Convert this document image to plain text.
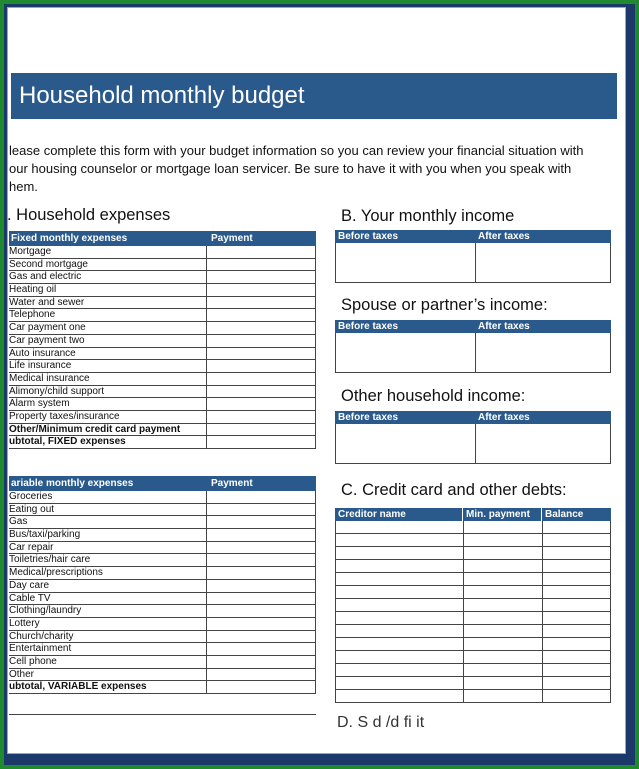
Household monthly budget
lease complete this form with your budget information so you can review your financial situation with
our housing counselor or mortgage loan servicer. Be sure to have it with you when you speak with
hem.
. Household expenses
Fixed monthly expenses	Payment
Mortgage
Second mortgage
Gas and electric
Heating oil
Water and sewer
Telephone
Car payment one
Car payment two
Auto insurance
Life insurance
Medical insurance
Alimony/child support
Alarm system
Property taxes/insurance
Other/Minimum credit card payment
ubtotal, FIXED expenses
ariable monthly expenses	Payment
Groceries
Eating out
Gas
Bus/taxi/parking
Car repair
Toiletries/hair care
Medical/prescriptions
Day care
Cable TV
Clothing/laundry
Lottery
Church/charity
Entertainment
Cell phone
Other
ubtotal, VARIABLE expenses
B. Your monthly income
Before taxes	After taxes
Spouse or partner’s income:
Before taxes	After taxes
Other household income:
Before taxes	After taxes
C. Credit card and other debts:
Creditor name	Min. payment	Balance
D. S d /d fi it
